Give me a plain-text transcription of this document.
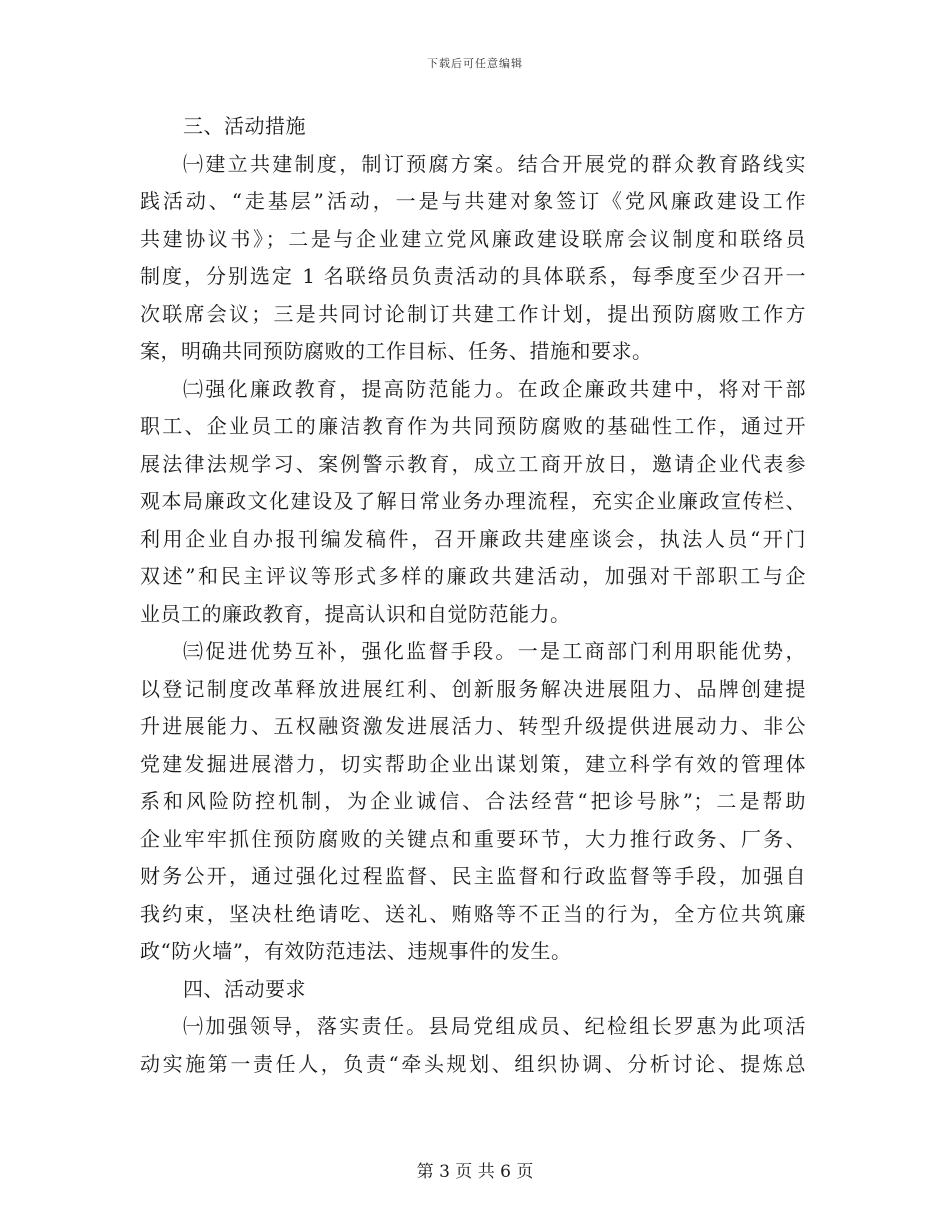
下载后可任意编辑
三、活动措施
㈠建立共建制度，制订预腐方案。结合开展党的群众教育路线实
践活动、“走基层”活动，一是与共建对象签订《党风廉政建设工作
共建协议书》；二是与企业建立党风廉政建设联席会议制度和联络员
制度，分别选定 1 名联络员负责活动的具体联系，每季度至少召开一
次联席会议；三是共同讨论制订共建工作计划，提出预防腐败工作方
案，明确共同预防腐败的工作目标、任务、措施和要求。
㈡强化廉政教育，提高防范能力。在政企廉政共建中，将对干部
职工、企业员工的廉洁教育作为共同预防腐败的基础性工作，通过开
展法律法规学习、案例警示教育，成立工商开放日，邀请企业代表参
观本局廉政文化建设及了解日常业务办理流程，充实企业廉政宣传栏、
利用企业自办报刊编发稿件，召开廉政共建座谈会，执法人员“开门
双述”和民主评议等形式多样的廉政共建活动，加强对干部职工与企
业员工的廉政教育，提高认识和自觉防范能力。
㈢促进优势互补，强化监督手段。一是工商部门利用职能优势，
以登记制度改革释放进展红利、创新服务解决进展阻力、品牌创建提
升进展能力、五权融资激发进展活力、转型升级提供进展动力、非公
党建发掘进展潜力，切实帮助企业出谋划策，建立科学有效的管理体
系和风险防控机制，为企业诚信、合法经营“把诊号脉”；二是帮助
企业牢牢抓住预防腐败的关键点和重要环节，大力推行政务、厂务、
财务公开，通过强化过程监督、民主监督和行政监督等手段，加强自
我约束，坚决杜绝请吃、送礼、贿赂等不正当的行为，全方位共筑廉
政“防火墙”，有效防范违法、违规事件的发生。
四、活动要求
㈠加强领导，落实责任。县局党组成员、纪检组长罗惠为此项活
动实施第一责任人，负责“牵头规划、组织协调、分析讨论、提炼总
第 3 页 共 6 页
